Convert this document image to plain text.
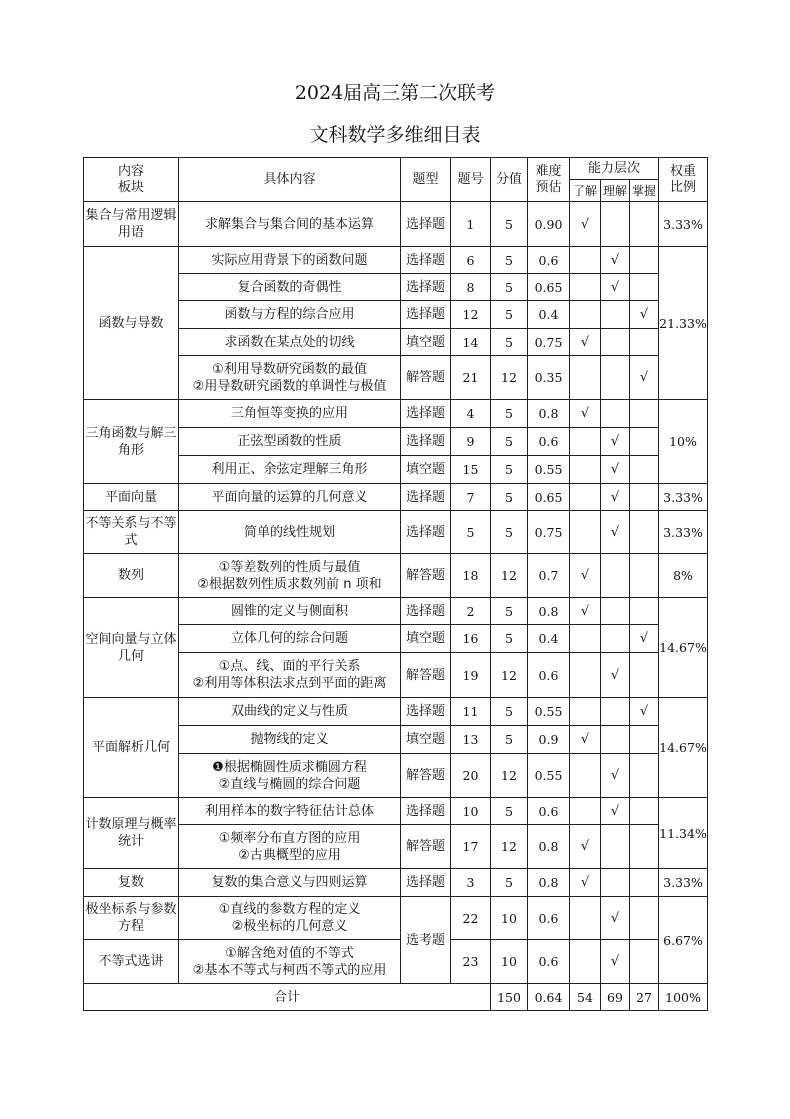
2024届高三第二次联考
文科数学多维细目表
内容
板块	具体内容	题型	题号	分值	难度
预估	能力层次			权重
比例
						了解	理解	掌握	
集合与常用逻辑用语	求解集合与集合间的基本运算	选择题	1	5	0.90	√			3.33%
函数与导数	实际应用背景下的函数问题	选择题	6	5	0.6		√		21.33%
	复合函数的奇偶性	选择题	8	5	0.65		√		
	函数与方程的综合应用	选择题	12	5	0.4			√	
	求函数在某点处的切线	填空题	14	5	0.75	√			
	①利用导数研究函数的最值
②用导数研究函数的单调性与极值	解答题	21	12	0.35			√	
三角函数与解三角形	三角恒等变换的应用	选择题	4	5	0.8	√			10%
	正弦型函数的性质	选择题	9	5	0.6		√		
	利用正、余弦定理解三角形	填空题	15	5	0.55		√		
平面向量	平面向量的运算的几何意义	选择题	7	5	0.65		√		3.33%
不等关系与不等式	简单的线性规划	选择题	5	5	0.75		√		3.33%
数列	①等差数列的性质与最值
②根据数列性质求数列前 n 项和	解答题	18	12	0.7	√			8%
空间向量与立体几何	圆锥的定义与侧面积	选择题	2	5	0.8	√			14.67%
	立体几何的综合问题	填空题	16	5	0.4			√	
	①点、线、面的平行关系
②利用等体积法求点到平面的距离	解答题	19	12	0.6		√		
平面解析几何	双曲线的定义与性质	选择题	11	5	0.55			√	14.67%
	抛物线的定义	填空题	13	5	0.9	√			
	❶根据椭圆性质求椭圆方程
②直线与椭圆的综合问题	解答题	20	12	0.55		√		
计数原理与概率统计	利用样本的数字特征估计总体	选择题	10	5	0.6		√		11.34%
	①频率分布直方图的应用
②古典概型的应用	解答题	17	12	0.8	√			
复数	复数的集合意义与四则运算	选择题	3	5	0.8	√			3.33%
极坐标系与参数方程	①直线的参数方程的定义
②极坐标的几何意义	选考题	22	10	0.6		√		6.67%
不等式选讲	①解含绝对值的不等式
②基本不等式与柯西不等式的应用		23	10	0.6		√		
合计				150	0.64	54	69	27	100%
